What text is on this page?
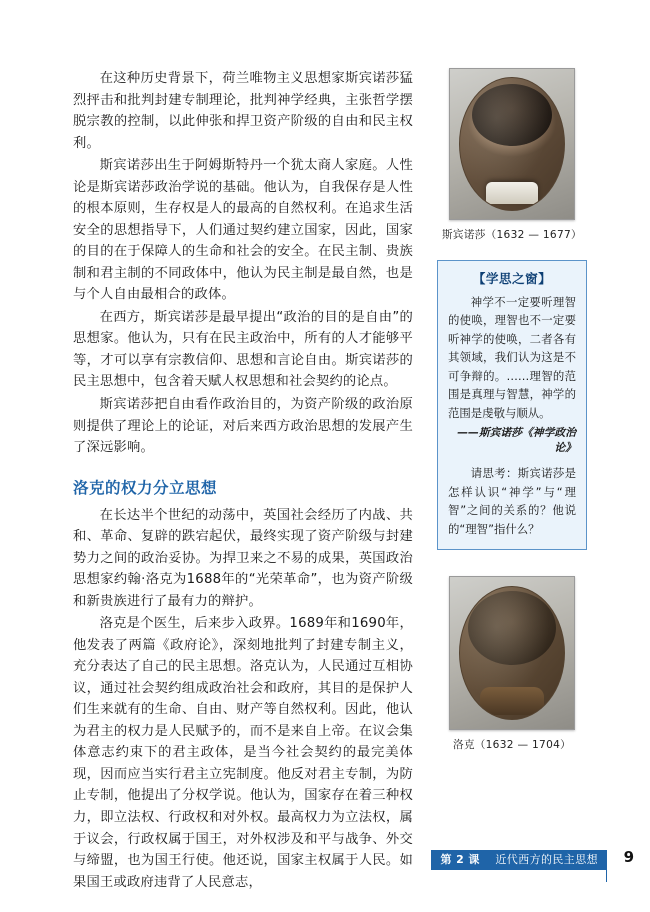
在这种历史背景下，荷兰唯物主义思想家斯宾诺莎猛烈抨击和批判封建专制理论，批判神学经典，主张哲学摆脱宗教的控制，以此伸张和捍卫资产阶级的自由和民主权利。

斯宾诺莎出生于阿姆斯特丹一个犹太商人家庭。人性论是斯宾诺莎政治学说的基础。他认为，自我保存是人性的根本原则，生存权是人的最高的自然权利。在追求生活安全的思想指导下，人们通过契约建立国家，因此，国家的目的在于保障人的生命和社会的安全。在民主制、贵族制和君主制的不同政体中，他认为民主制是最自然，也是与个人自由最相合的政体。

在西方，斯宾诺莎是最早提出“政治的目的是自由”的思想家。他认为，只有在民主政治中，所有的人才能够平等，才可以享有宗教信仰、思想和言论自由。斯宾诺莎的民主思想中，包含着天赋人权思想和社会契约的论点。

斯宾诺莎把自由看作政治目的，为资产阶级的政治原则提供了理论上的论证，对后来西方政治思想的发展产生了深远影响。

洛克的权力分立思想

在长达半个世纪的动荡中，英国社会经历了内战、共和、革命、复辟的跌宕起伏，最终实现了资产阶级与封建势力之间的政治妥协。为捍卫来之不易的成果，英国政治思想家约翰·洛克为1688年的“光荣革命”，也为资产阶级和新贵族进行了最有力的辩护。

洛克是个医生，后来步入政界。1689年和1690年，他发表了两篇《政府论》，深刻地批判了封建专制主义，充分表达了自己的民主思想。洛克认为，人民通过互相协议，通过社会契约组成政治社会和政府，其目的是保护人们生来就有的生命、自由、财产等自然权利。因此，他认为君主的权力是人民赋予的，而不是来自上帝。在议会集体意志约束下的君主政体，是当今社会契约的最完美体现，因而应当实行君主立宪制度。他反对君主专制，为防止专制，他提出了分权学说。他认为，国家存在着三种权力，即立法权、行政权和对外权。最高权力为立法权，属于议会，行政权属于国王，对外权涉及和平与战争、外交与缔盟，也为国王行使。他还说，国家主权属于人民。如果国王或政府违背了人民意志，

斯宾诺莎（1632 — 1677）
【学思之窗】

神学不一定要听理智的使唤，理智也不一定要听神学的使唤，二者各有其领域，我们认为这是不可争辩的。……理智的范围是真理与智慧，神学的范围是虔敬与顺从。

——斯宾诺莎《神学政治论》

请思考：斯宾诺莎是怎样认识“神学”与“理智”之间的关系的？他说的“理智”指什么？

洛克（1632 — 1704）
第 2 课 近代西方的民主思想	9
